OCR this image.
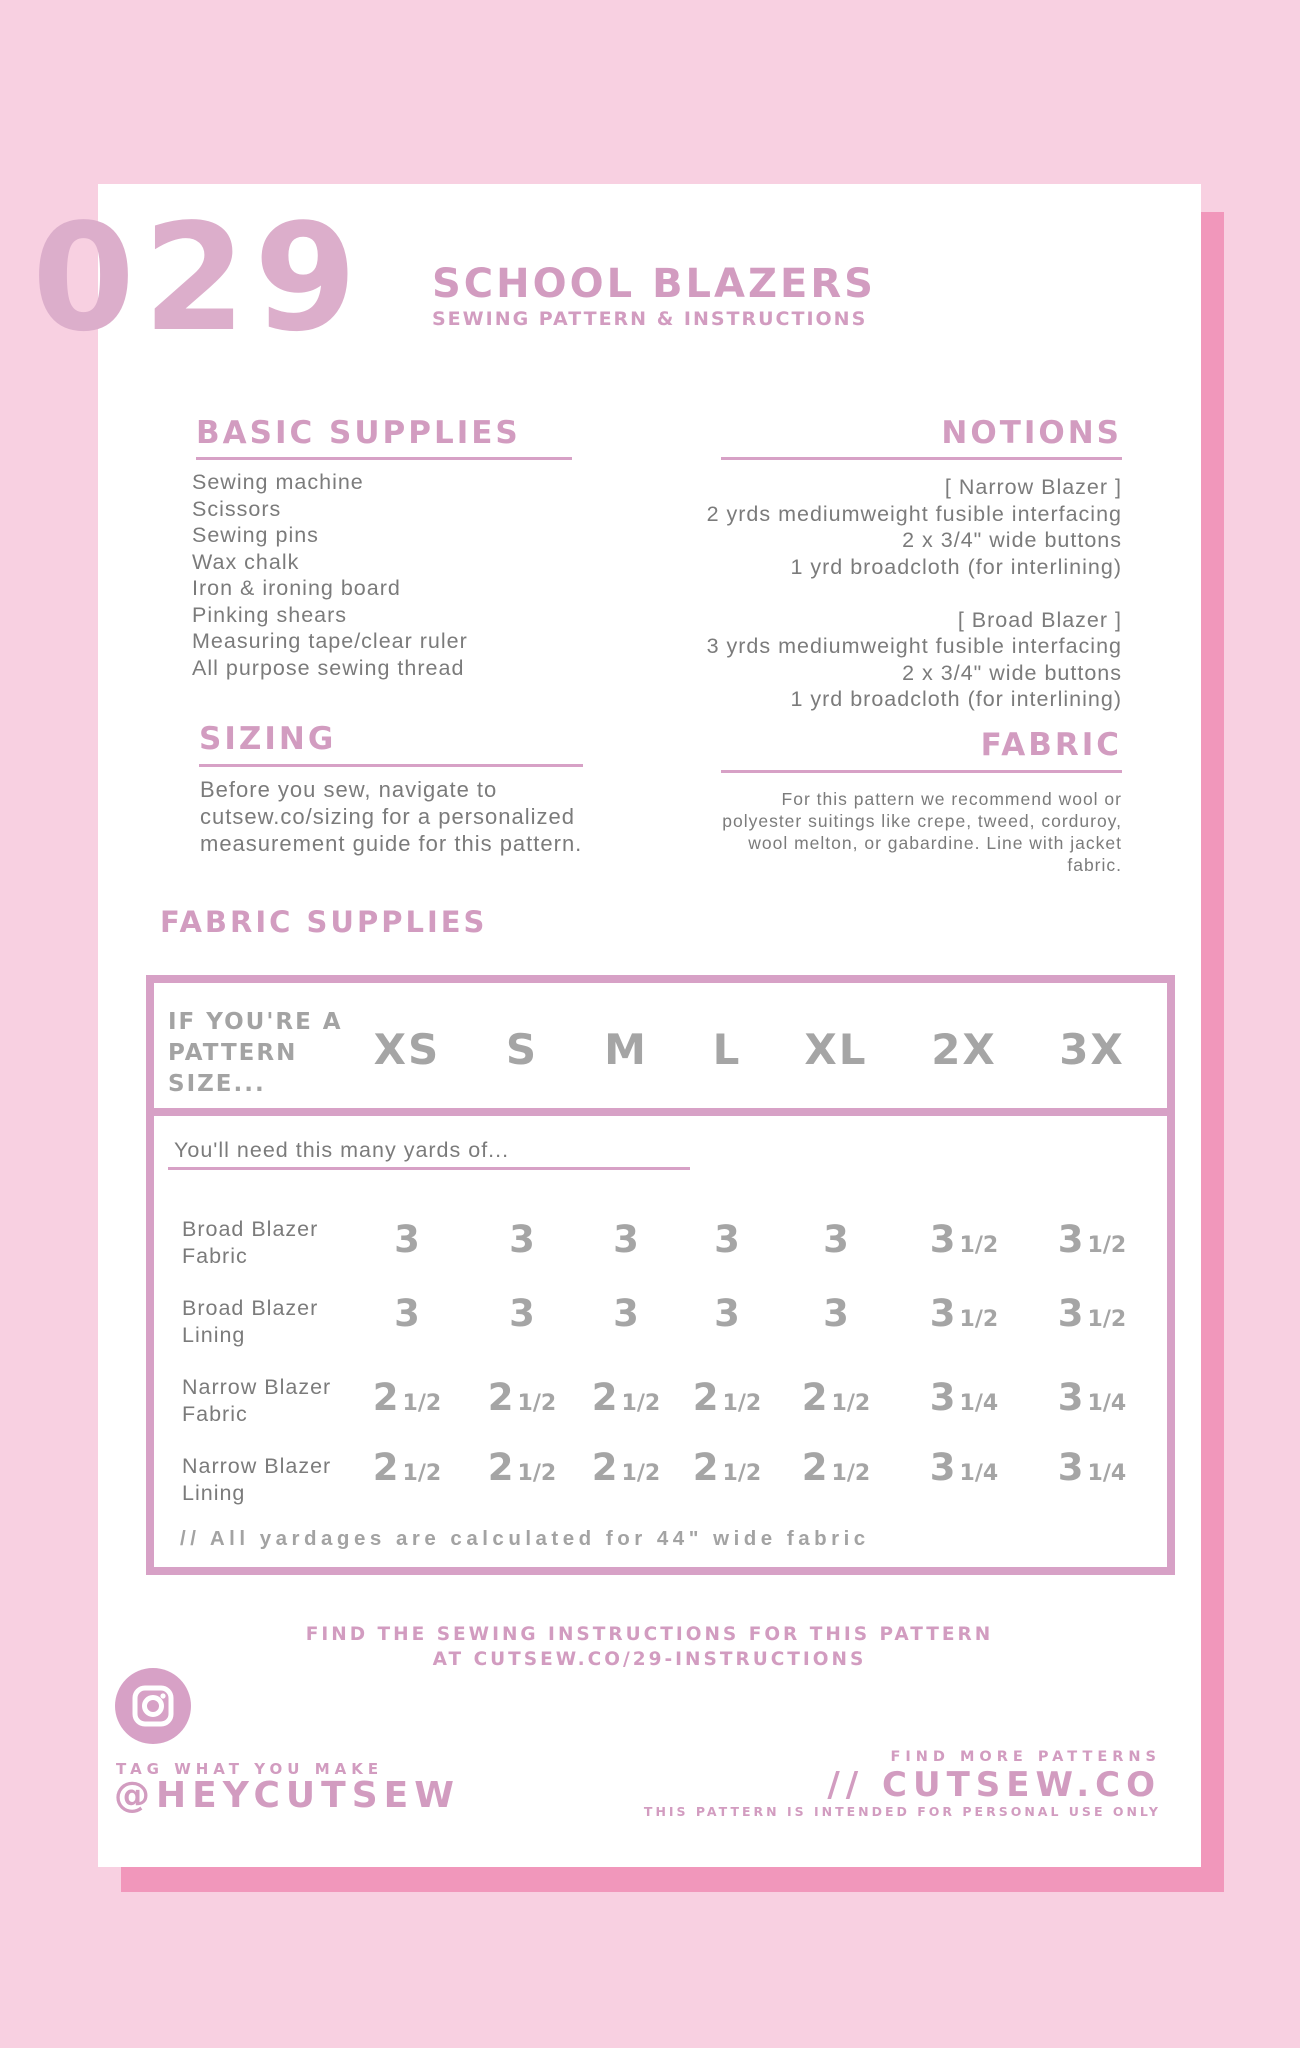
029 SCHOOL BLAZERS
SEWING PATTERN & INSTRUCTIONS
BASIC SUPPLIES
Sewing machine
Scissors
Sewing pins
Wax chalk
Iron & ironing board
Pinking shears
Measuring tape/clear ruler
All purpose sewing thread
NOTIONS
[ Narrow Blazer ]
2 yrds mediumweight fusible interfacing
2 x 3/4" wide buttons
1 yrd broadcloth (for interlining)
[ Broad Blazer ]
3 yrds mediumweight fusible interfacing
2 x 3/4" wide buttons
1 yrd broadcloth (for interlining)
SIZING
Before you sew, navigate to cutsew.co/sizing for a personalized measurement guide for this pattern.
FABRIC
For this pattern we recommend wool or polyester suitings like crepe, tweed, corduroy, wool melton, or gabardine. Line with jacket fabric.
FABRIC SUPPLIES
IF YOU'RE A PATTERN SIZE...
XS S M L XL 2X 3X
You'll need this many yards of...
Broad Blazer Fabric
Broad Blazer Lining
Narrow Blazer Fabric
Narrow Blazer Lining
3 3 3 3 3 3 1/2 3 1/2
3 3 3 3 3 3 1/2 3 1/2
2 1/2 2 1/2 2 1/2 2 1/2 2 1/2 3 1/4 3 1/4
2 1/2 2 1/2 2 1/2 2 1/2 2 1/2 3 1/4 3 1/4
// All yardages are calculated for 44" wide fabric
FIND THE SEWING INSTRUCTIONS FOR THIS PATTERN
AT CUTSEW.CO/29-INSTRUCTIONS
TAG WHAT YOU MAKE
@HEYCUTSEW
FIND MORE PATTERNS
// CUTSEW.CO
THIS PATTERN IS INTENDED FOR PERSONAL USE ONLY
